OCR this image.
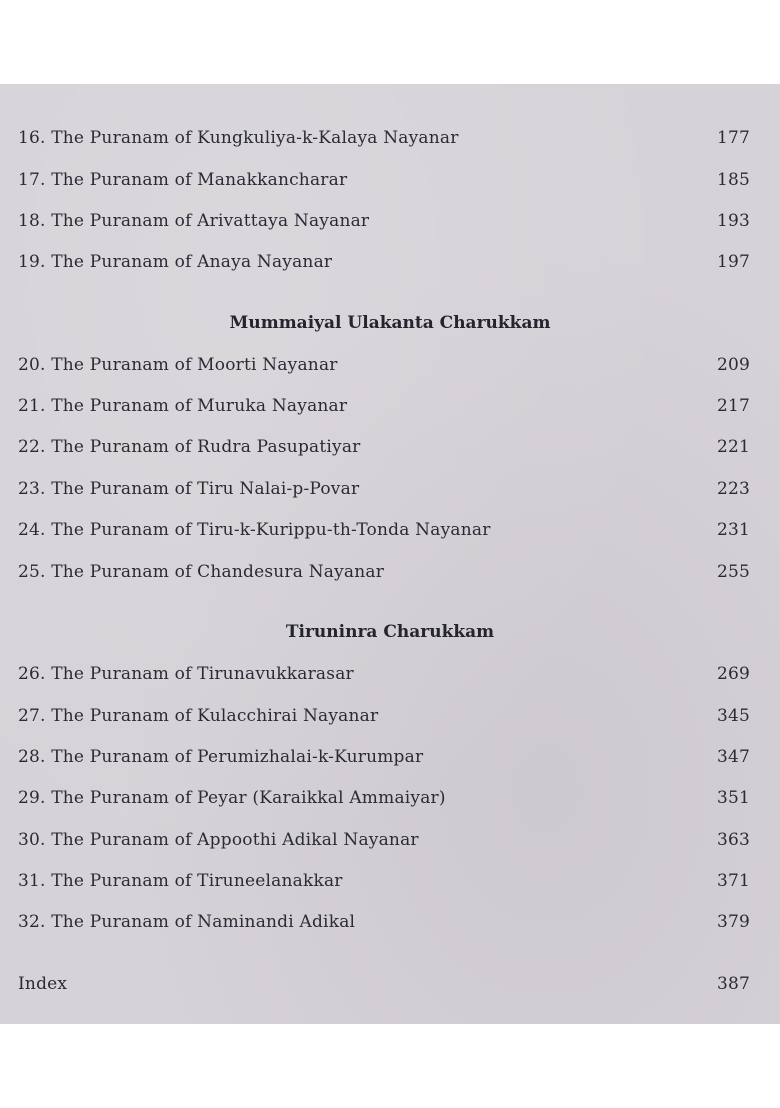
16. The Puranam of Kungkuliya-k-Kalaya Nayanar	177
17. The Puranam of Manakkancharar	185
18. The Puranam of Arivattaya Nayanar	193
19. The Puranam of Anaya Nayanar	197
Mummaiyal Ulakanta Charukkam
20. The Puranam of Moorti Nayanar	209
21. The Puranam of Muruka Nayanar	217
22. The Puranam of Rudra Pasupatiyar	221
23. The Puranam of Tiru Nalai-p-Povar	223
24. The Puranam of Tiru-k-Kurippu-th-Tonda Nayanar	231
25. The Puranam of Chandesura Nayanar	255
Tiruninra Charukkam
26. The Puranam of Tirunavukkarasar	269
27. The Puranam of Kulacchirai Nayanar	345
28. The Puranam of Perumizhalai-k-Kurumpar	347
29. The Puranam of Peyar (Karaikkal Ammaiyar)	351
30. The Puranam of Appoothi Adikal Nayanar	363
31. The Puranam of Tiruneelanakkar	371
32. The Puranam of Naminandi Adikal	379
Index	387
